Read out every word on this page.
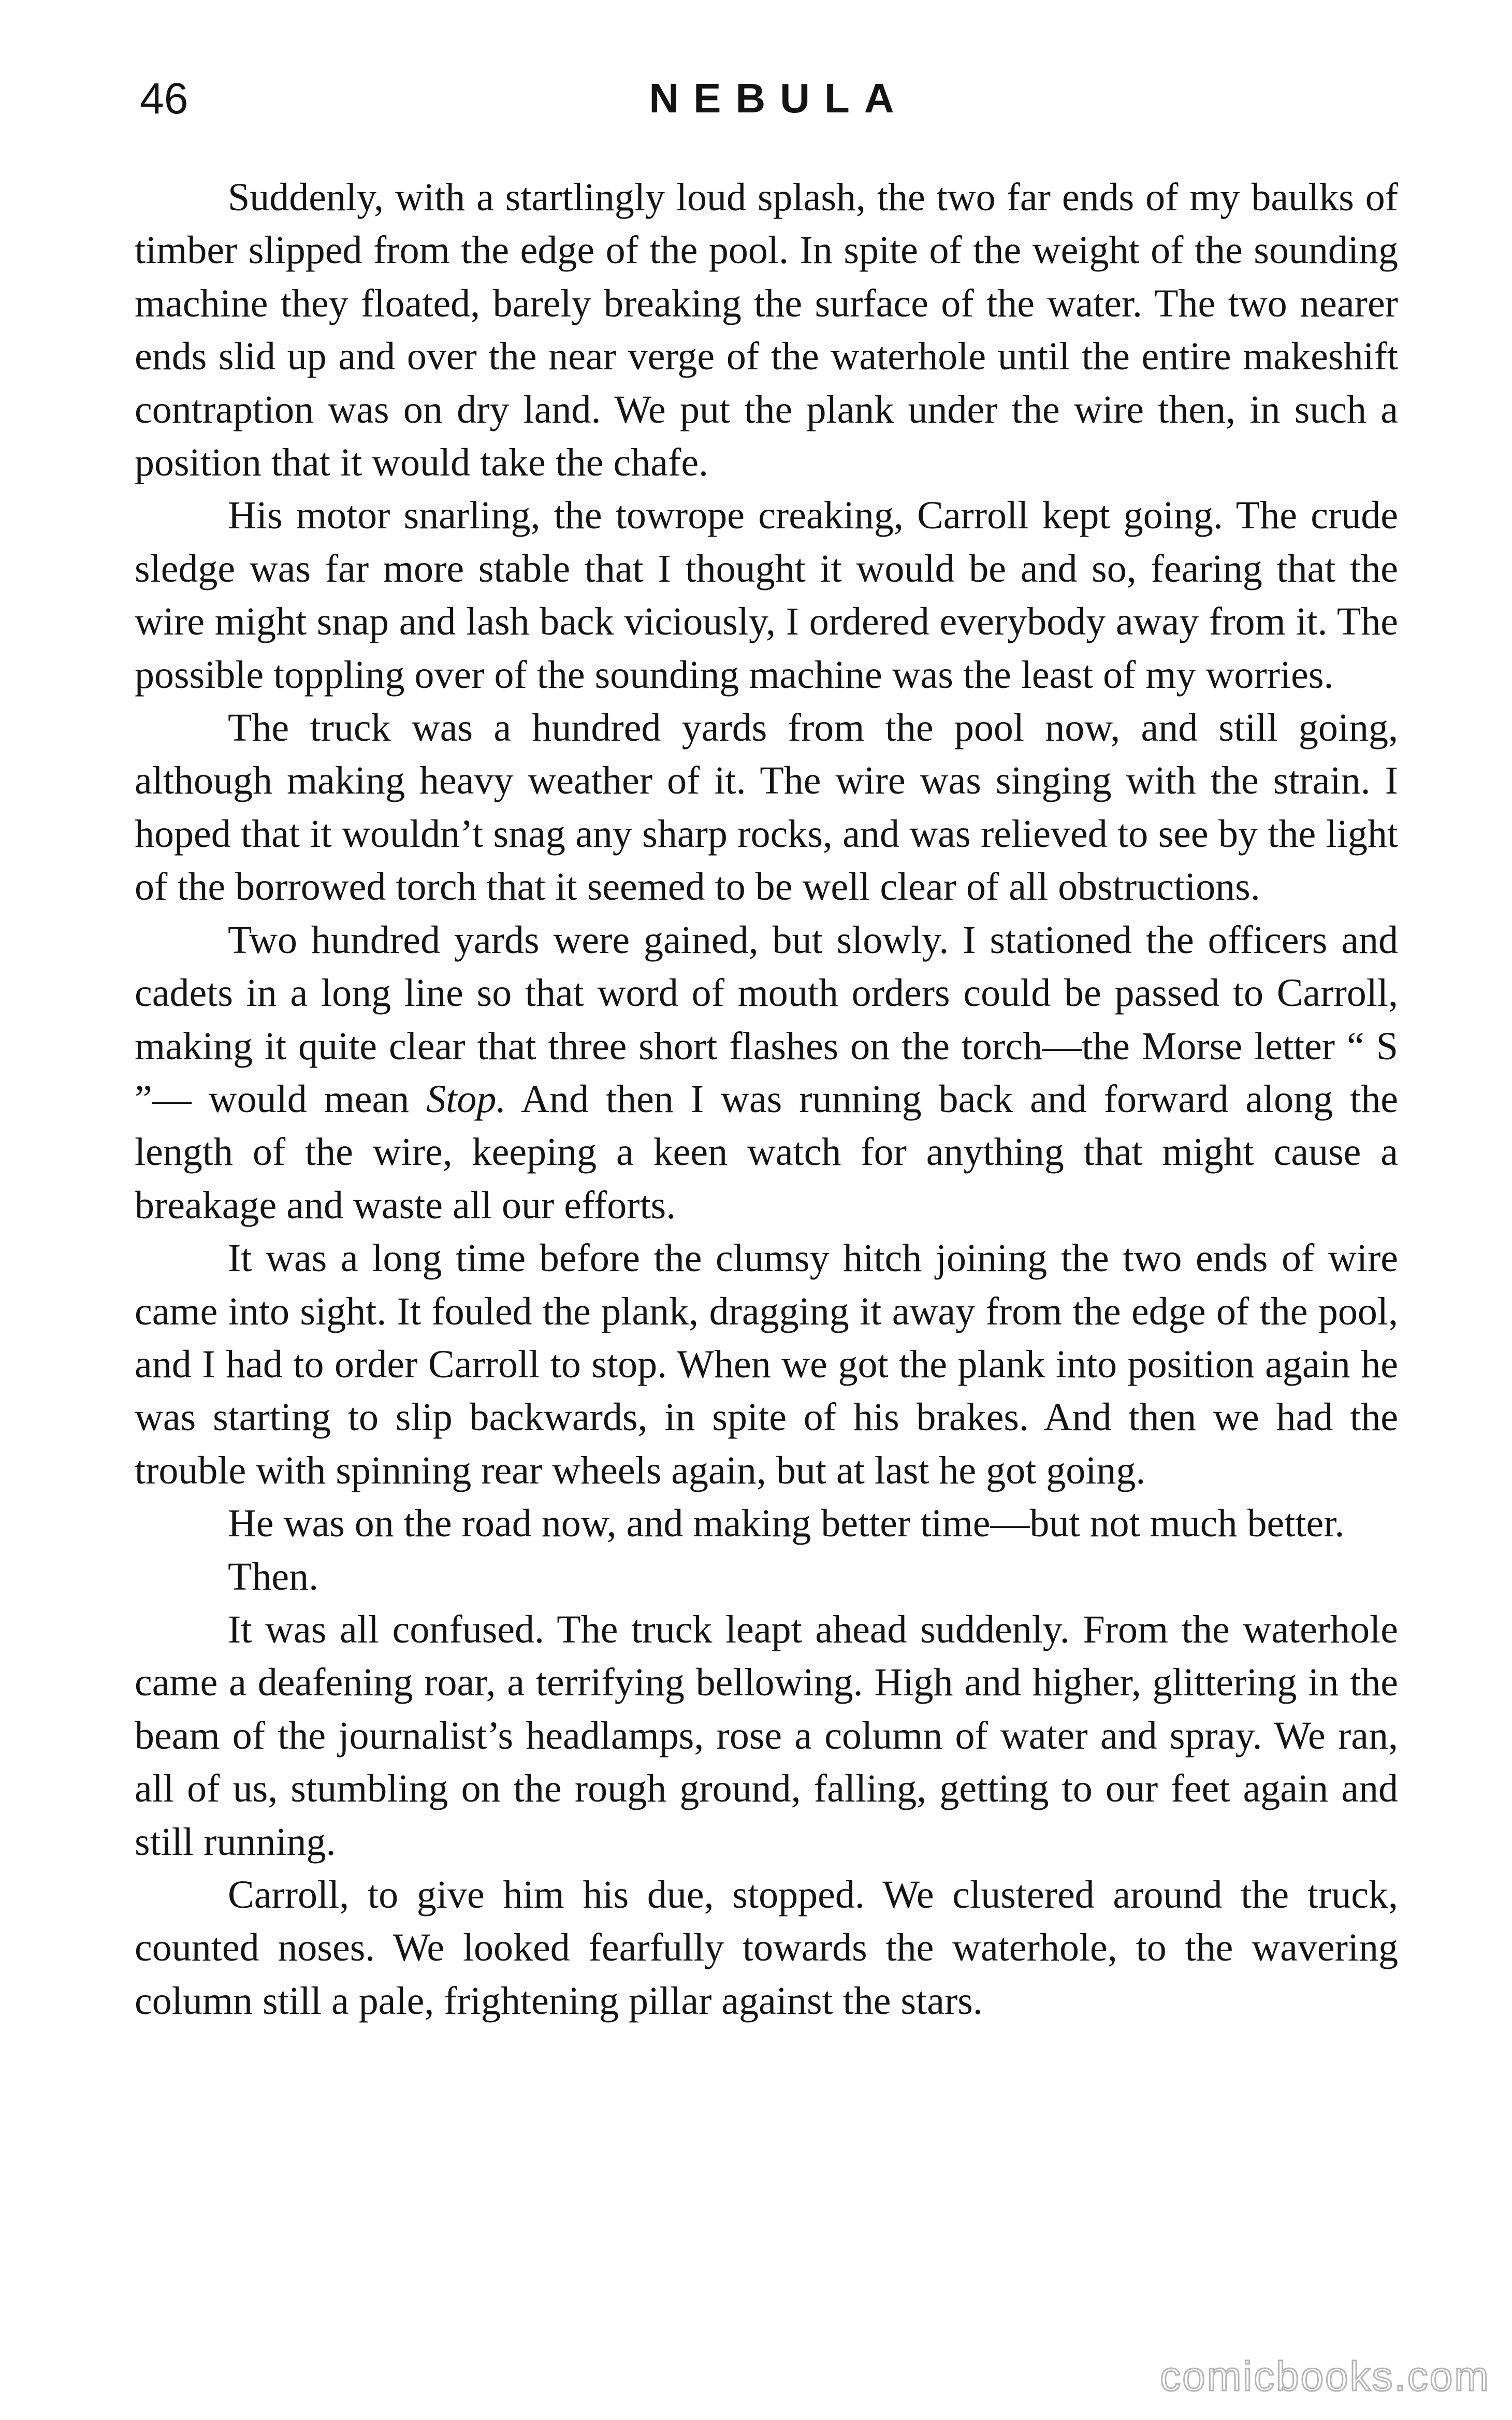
46	NEBULA

Suddenly, with a startlingly loud splash, the two far ends of my baulks of timber slipped from the edge of the pool. In spite of the weight of the sounding machine they floated, barely breaking the surface of the water. The two nearer ends slid up and over the near verge of the waterhole until the entire makeshift contraption was on dry land. We put the plank under the wire then, in such a position that it would take the chafe.

His motor snarling, the towrope creaking, Carroll kept going. The crude sledge was far more stable that I thought it would be and so, fearing that the wire might snap and lash back viciously, I ordered everybody away from it. The possible toppling over of the sounding machine was the least of my worries.

The truck was a hundred yards from the pool now, and still going, although making heavy weather of it. The wire was singing with the strain. I hoped that it wouldn’t snag any sharp rocks, and was relieved to see by the light of the borrowed torch that it seemed to be well clear of all obstructions.

Two hundred yards were gained, but slowly. I stationed the officers and cadets in a long line so that word of mouth orders could be passed to Carroll, making it quite clear that three short flashes on the torch—the Morse letter “ S ”— would mean Stop. And then I was running back and forward along the length of the wire, keeping a keen watch for anything that might cause a breakage and waste all our efforts.

It was a long time before the clumsy hitch joining the two ends of wire came into sight. It fouled the plank, dragging it away from the edge of the pool, and I had to order Carroll to stop. When we got the plank into position again he was starting to slip backwards, in spite of his brakes. And then we had the trouble with spinning rear wheels again, but at last he got going.

He was on the road now, and making better time—but not much better.

Then.

It was all confused. The truck leapt ahead suddenly. From the waterhole came a deafening roar, a terrifying bellowing. High and higher, glittering in the beam of the journalist’s headlamps, rose a column of water and spray. We ran, all of us, stumbling on the rough ground, falling, getting to our feet again and still running.

Carroll, to give him his due, stopped. We clustered around the truck, counted noses. We looked fearfully towards the waterhole, to the wavering column still a pale, frightening pillar against the stars.

comicbooks.com
